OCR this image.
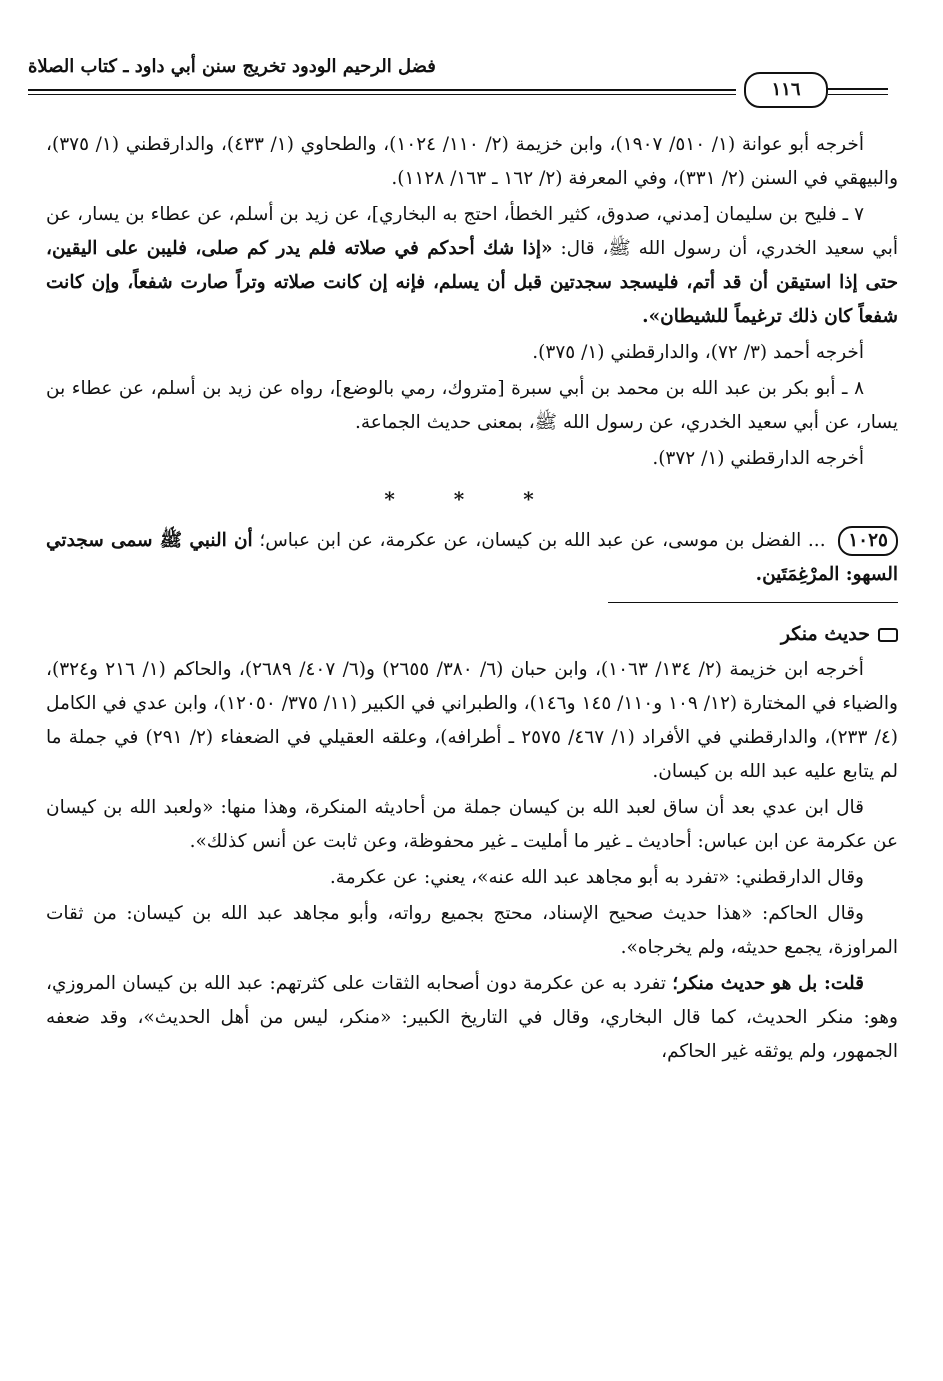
فضل الرحيم الودود تخريج سنن أبي داود ـ كتاب الصلاة
١١٦

أخرجه أبو عوانة (١/ ٥١٠/ ١٩٠٧)، وابن خزيمة (٢/ ١١٠/ ١٠٢٤)، والطحاوي (١/ ٤٣٣)، والدارقطني (١/ ٣٧٥)، والبيهقي في السنن (٢/ ٣٣١)، وفي المعرفة (٢/ ١٦٢ ـ ١٦٣/ ١١٢٨).

٧ ـ فليح بن سليمان [مدني، صدوق، كثير الخطأ، احتج به البخاري]، عن زيد بن أسلم، عن عطاء بن يسار، عن أبي سعيد الخدري، أن رسول الله ﷺ، قال: «إذا شك أحدكم في صلاته فلم يدر كم صلى، فليبن على اليقين، حتى إذا استيقن أن قد أتم، فليسجد سجدتين قبل أن يسلم، فإنه إن كانت صلاته وتراً صارت شفعاً، وإن كانت شفعاً كان ذلك ترغيماً للشيطان».

أخرجه أحمد (٣/ ٧٢)، والدارقطني (١/ ٣٧٥).

٨ ـ أبو بكر بن عبد الله بن محمد بن أبي سبرة [متروك، رمي بالوضع]، رواه عن زيد بن أسلم، عن عطاء بن يسار، عن أبي سعيد الخدري، عن رسول الله ﷺ، بمعنى حديث الجماعة.

أخرجه الدارقطني (١/ ٣٧٢).

* * *

١٠٢٥ ... الفضل بن موسى، عن عبد الله بن كيسان، عن عكرمة، عن ابن عباس؛ أن النبي ﷺ سمى سجدتي السهو: المرْغِمَتَين.

حديث منكر

أخرجه ابن خزيمة (٢/ ١٣٤/ ١٠٦٣)، وابن حبان (٦/ ٣٨٠/ ٢٦٥٥) و(٦/ ٤٠٧/ ٢٦٨٩)، والحاكم (١/ ٢١٦ و٣٢٤)، والضياء في المختارة (١٢/ ١٠٩ و١١٠/ ١٤٥ و١٤٦)، والطبراني في الكبير (١١/ ٣٧٥/ ١٢٠٥٠)، وابن عدي في الكامل (٤/ ٢٣٣)، والدارقطني في الأفراد (١/ ٤٦٧/ ٢٥٧٥ ـ أطرافه)، وعلقه العقيلي في الضعفاء (٢/ ٢٩١) في جملة ما لم يتابع عليه عبد الله بن كيسان.

قال ابن عدي بعد أن ساق لعبد الله بن كيسان جملة من أحاديثه المنكرة، وهذا منها: «ولعبد الله بن كيسان عن عكرمة عن ابن عباس: أحاديث ـ غير ما أمليت ـ غير محفوظة، وعن ثابت عن أنس كذلك».

وقال الدارقطني: «تفرد به أبو مجاهد عبد الله عنه»، يعني: عن عكرمة.

وقال الحاكم: «هذا حديث صحيح الإسناد، محتج بجميع رواته، وأبو مجاهد عبد الله بن كيسان: من ثقات المراوزة، يجمع حديثه، ولم يخرجاه».

قلت: بل هو حديث منكر؛ تفرد به عن عكرمة دون أصحابه الثقات على كثرتهم: عبد الله بن كيسان المروزي، وهو: منكر الحديث، كما قال البخاري، وقال في التاريخ الكبير: «منكر، ليس من أهل الحديث»، وقد ضعفه الجمهور، ولم يوثقه غير الحاكم،
